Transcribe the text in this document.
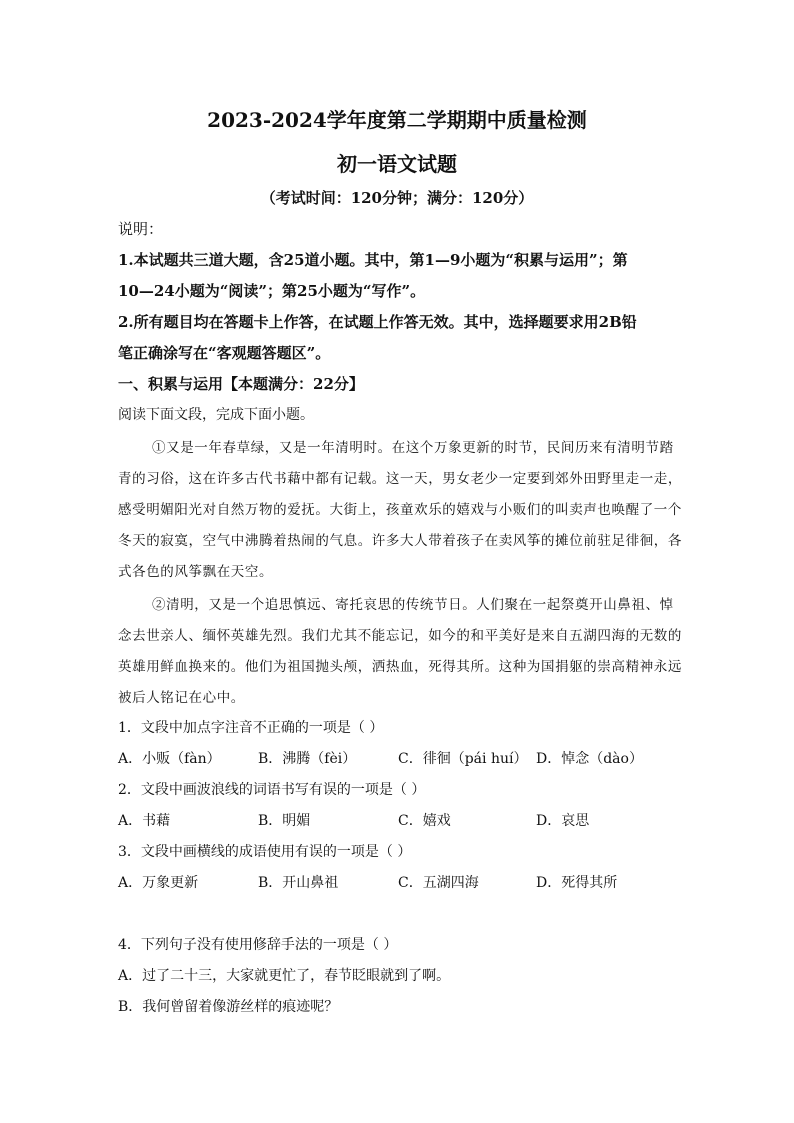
2023-2024学年度第二学期期中质量检测
初一语文试题
（考试时间：120分钟；满分：120分）
说明：
1.本试题共三道大题，含25道小题。其中，第1—9小题为“积累与运用”；第
10—24小题为“阅读”；第25小题为“写作”。
2.所有题目均在答题卡上作答，在试题上作答无效。其中，选择题要求用2B铅
笔正确涂写在“客观题答题区”。
一、积累与运用【本题满分：22分】
阅读下面文段，完成下面小题。
①又是一年春草绿，又是一年清明时。在这个万象更新的时节，民间历来有清明节踏
青的习俗，这在许多古代书藉中都有记载。这一天，男女老少一定要到郊外田野里走一走，
感受明媚阳光对自然万物的爱抚。大街上，孩童欢乐的嬉戏与小贩们的叫卖声也唤醒了一个
冬天的寂寞，空气中沸腾着热闹的气息。许多大人带着孩子在卖风筝的摊位前驻足徘徊，各
式各色的风筝飘在天空。
②清明，又是一个追思慎远、寄托哀思的传统节日。人们聚在一起祭奠开山鼻祖、悼
念去世亲人、缅怀英雄先烈。我们尤其不能忘记，如今的和平美好是来自五湖四海的无数的
英雄用鲜血换来的。他们为祖国抛头颅，洒热血，死得其所。这种为国捐躯的崇高精神永远
被后人铭记在心中。
1．文段中加点字注音不正确的一项是（ ）
A．小贩（fàn）	B．沸腾（fèi）	C．徘徊（pái huí） D．悼念（dào）
2．文段中画波浪线的词语书写有误的一项是（ ）
A．书藉	B．明媚	C．嬉戏	D．哀思
3．文段中画横线的成语使用有误的一项是（ ）
A．万象更新	B．开山鼻祖	C．五湖四海	D．死得其所
4．下列句子没有使用修辞手法的一项是（ ）
A．过了二十三，大家就更忙了，春节眨眼就到了啊。
B．我何曾留着像游丝样的痕迹呢？
